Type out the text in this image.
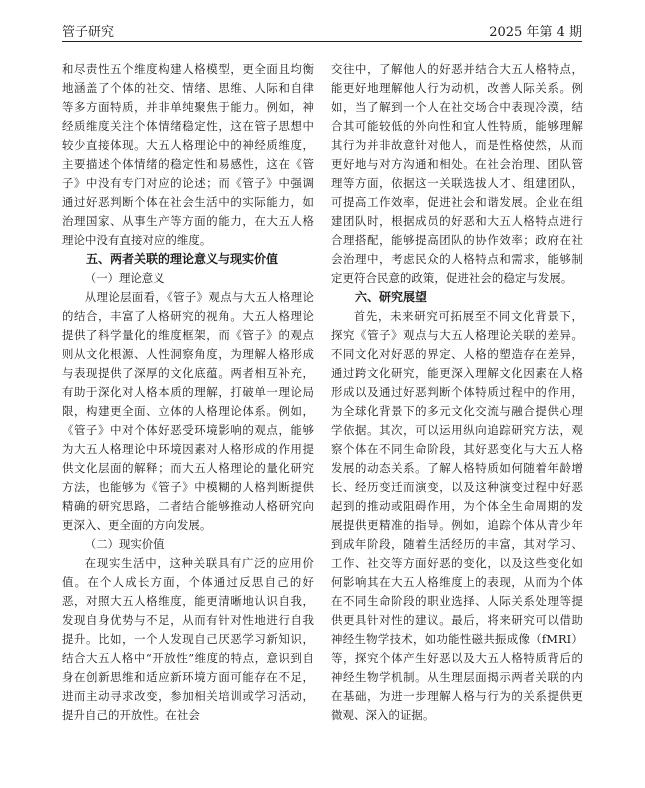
管子研究	2025 年第 4 期

和尽责性五个维度构建人格模型，更全面且均衡地涵盖了个体的社交、情绪、思维、人际和自律等多方面特质，并非单纯聚焦于能力。例如，神经质维度关注个体情绪稳定性，这在管子思想中较少直接体现。大五人格理论中的神经质维度，主要描述个体情绪的稳定性和易感性，这在《管子》中没有专门对应的论述；而《管子》中强调通过好恶判断个体在社会生活中的实际能力，如治理国家、从事生产等方面的能力，在大五人格理论中没有直接对应的维度。

五、两者关联的理论意义与现实价值
（一）理论意义

从理论层面看，《管子》观点与大五人格理论的结合，丰富了人格研究的视角。大五人格理论提供了科学量化的维度框架，而《管子》的观点则从文化根源、人性洞察角度，为理解人格形成与表现提供了深厚的文化底蕴。两者相互补充，有助于深化对人格本质的理解，打破单一理论局限，构建更全面、立体的人格理论体系。例如，《管子》中对个体好恶受环境影响的观点，能够为大五人格理论中环境因素对人格形成的作用提供文化层面的解释；而大五人格理论的量化研究方法，也能够为《管子》中模糊的人格判断提供精确的研究思路，二者结合能够推动人格研究向更深入、更全面的方向发展。

（二）现实价值

在现实生活中，这种关联具有广泛的应用价值。在个人成长方面，个体通过反思自己的好恶，对照大五人格维度，能更清晰地认识自我，发现自身优势与不足，从而有针对性地进行自我提升。比如，一个人发现自己厌恶学习新知识，结合大五人格中“开放性”维度的特点，意识到自身在创新思维和适应新环境方面可能存在不足，进而主动寻求改变，参加相关培训或学习活动，提升自己的开放性。在社会

交往中，了解他人的好恶并结合大五人格特点，能更好地理解他人行为动机，改善人际关系。例如，当了解到一个人在社交场合中表现冷漠，结合其可能较低的外向性和宜人性特质，能够理解其行为并非故意针对他人，而是性格使然，从而更好地与对方沟通和相处。在社会治理、团队管理等方面，依据这一关联选拔人才、组建团队，可提高工作效率，促进社会和谐发展。企业在组建团队时，根据成员的好恶和大五人格特点进行合理搭配，能够提高团队的协作效率；政府在社会治理中，考虑民众的人格特点和需求，能够制定更符合民意的政策，促进社会的稳定与发展。

六、研究展望

首先，未来研究可拓展至不同文化背景下，探究《管子》观点与大五人格理论关联的差异。不同文化对好恶的界定、人格的塑造存在差异，通过跨文化研究，能更深入理解文化因素在人格形成以及通过好恶判断个体特质过程中的作用，为全球化背景下的多元文化交流与融合提供心理学依据。其次，可以运用纵向追踪研究方法，观察个体在不同生命阶段，其好恶变化与大五人格发展的动态关系。了解人格特质如何随着年龄增长、经历变迁而演变，以及这种演变过程中好恶起到的推动或阻碍作用，为个体全生命周期的发展提供更精准的指导。例如，追踪个体从青少年到成年阶段，随着生活经历的丰富，其对学习、工作、社交等方面好恶的变化，以及这些变化如何影响其在大五人格维度上的表现，从而为个体在不同生命阶段的职业选择、人际关系处理等提供更具针对性的建议。最后，将来研究可以借助神经生物学技术，如功能性磁共振成像（fMRI）等，探究个体产生好恶以及大五人格特质背后的神经生物学机制。从生理层面揭示两者关联的内在基础，为进一步理解人格与行为的关系提供更微观、深入的证据。
